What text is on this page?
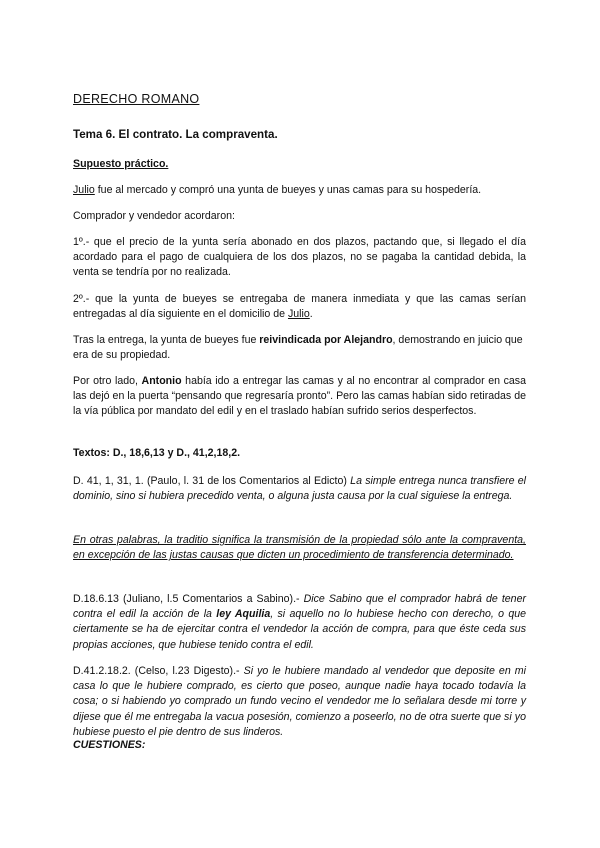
DERECHO ROMANO
Tema 6. El contrato. La compraventa.
Supuesto práctico.

Julio fue al mercado y compró una yunta de bueyes y unas camas para su hospedería.

Comprador y vendedor acordaron:

1º.- que el precio de la yunta sería abonado en dos plazos, pactando que, si llegado el día acordado para el pago de cualquiera de los dos plazos, no se pagaba la cantidad debida, la venta se tendría por no realizada.

2º.- que la yunta de bueyes se entregaba de manera inmediata y que las camas serían entregadas al día siguiente en el domicilio de Julio.

Tras la entrega, la yunta de bueyes fue reivindicada por Alejandro, demostrando en juicio que era de su propiedad.

Por otro lado, Antonio había ido a entregar las camas y al no encontrar al comprador en casa las dejó en la puerta “pensando que regresaría pronto”. Pero las camas habían sido retiradas de la vía pública por mandato del edil y en el traslado habían sufrido serios desperfectos.

Textos: D., 18,6,13 y D., 41,2,18,2.

D. 41, 1, 31, 1. (Paulo, l. 31 de los Comentarios al Edicto) La simple entrega nunca transfiere el dominio, sino si hubiera precedido venta, o alguna justa causa por la cual siguiese la entrega.

En otras palabras, la traditio significa la transmisión de la propiedad sólo ante la compraventa, en excepción de las justas causas que dicten un procedimiento de transferencia determinado.

D.18.6.13 (Juliano, l.5 Comentarios a Sabino).- Dice Sabino que el comprador habrá de tener contra el edil la acción de la ley Aquilia, si aquello no lo hubiese hecho con derecho, o que ciertamente se ha de ejercitar contra el vendedor la acción de compra, para que éste ceda sus propias acciones, que hubiese tenido contra el edil.

D.41.2.18.2. (Celso, l.23 Digesto).- Si yo le hubiere mandado al vendedor que deposite en mi casa lo que le hubiere comprado, es cierto que poseo, aunque nadie haya tocado todavía la cosa; o si habiendo yo comprado un fundo vecino el vendedor me lo señalara desde mi torre y dijese que él me entregaba la vacua posesión, comienzo a poseerlo, no de otra suerte que si yo hubiese puesto el pie dentro de sus linderos.

CUESTIONES:
